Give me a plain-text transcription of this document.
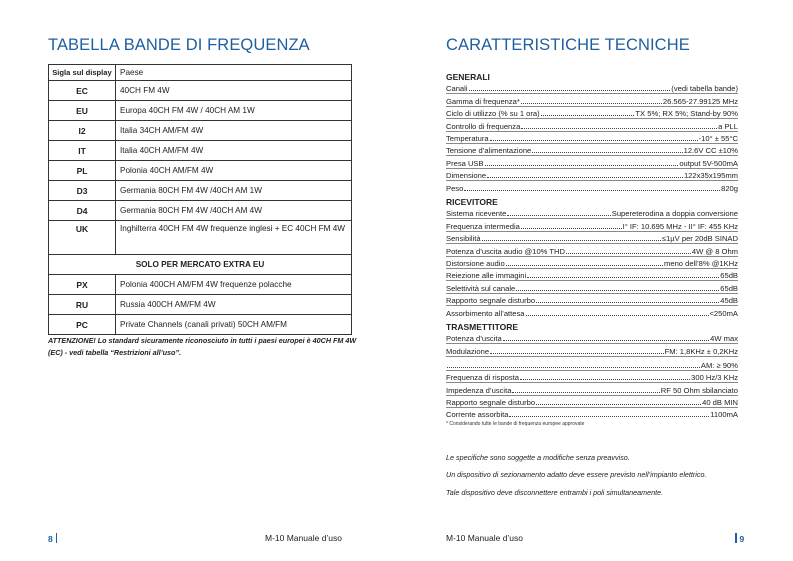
TABELLA BANDE DI FREQUENZA
Sigla sul display	Paese
EC	40CH FM 4W
EU	Europa 40CH FM 4W / 40CH AM 1W
I2	Italia 34CH AM/FM 4W
IT	Italia 40CH AM/FM 4W
PL	Polonia 40CH AM/FM 4W
D3	Germania 80CH FM 4W /40CH AM 1W
D4	Germania 80CH FM 4W /40CH AM 4W
UK	Inghilterra 40CH FM 4W frequenze inglesi + EC 40CH FM 4W
SOLO PER MERCATO EXTRA EU	
PX	Polonia 400CH AM/FM 4W frequenze polacche
RU	Russia 400CH AM/FM 4W
PC	Private Channels (canali privati) 50CH AM/FM
ATTENZIONE! Lo standard sicuramente riconosciuto in tutti i paesi europei è 40CH FM 4W (EC) - vedi tabella “Restrizioni all’uso”.
8	M-10 Manuale d’uso
CARATTERISTICHE TECNICHE
GENERALI
Canali	(vedi tabella bande)
Gamma di frequenza*	26.565-27.99125 MHz
Ciclo di utilizzo (% su 1 ora)	TX 5%; RX 5%; Stand-by 90%
Controllo di frequenza	a PLL
Temperatura	-10° ± 55°C
Tensione d’alimentazione	12.6V CC ±10%
Presa USB	output 5V-500mA
Dimensione	122x35x195mm
Peso	820g
RICEVITORE
Sistema ricevente	Supereterodina a doppia conversione
Frequenza intermedia	I° IF: 10.695 MHz - II° IF: 455 KHz
Sensibilità	≤1µV per 20dB SINAD
Potenza d’uscita audio @10% THD	4W @ 8 Ohm
Distorsione audio	meno dell’8% @1KHz
Reiezione alle immagini	65dB
Selettività sul canale	65dB
Rapporto segnale disturbo	45dB
Assorbimento all’attesa	<250mA
TRASMETTITORE
Potenza d’uscita	4W max
Modulazione	FM: 1,8KHz ± 0,2KHz
AM: ≥ 90%
Frequenza di risposta	300 Hz/3 KHz
Impedenza d’uscita	RF 50 Ohm sbilanciato
Rapporto segnale disturbo	40 dB MIN
Corrente assorbita	1100mA
* Considerando tutte le bande di frequenza europee approvate
Le specifiche sono soggette a modifiche senza preavviso.
Un dispositivo di sezionamento adatto deve essere previsto nell’impianto elettrico.
Tale dispositivo deve disconnettere entrambi i poli simultaneamente.
M-10 Manuale d’uso	9
